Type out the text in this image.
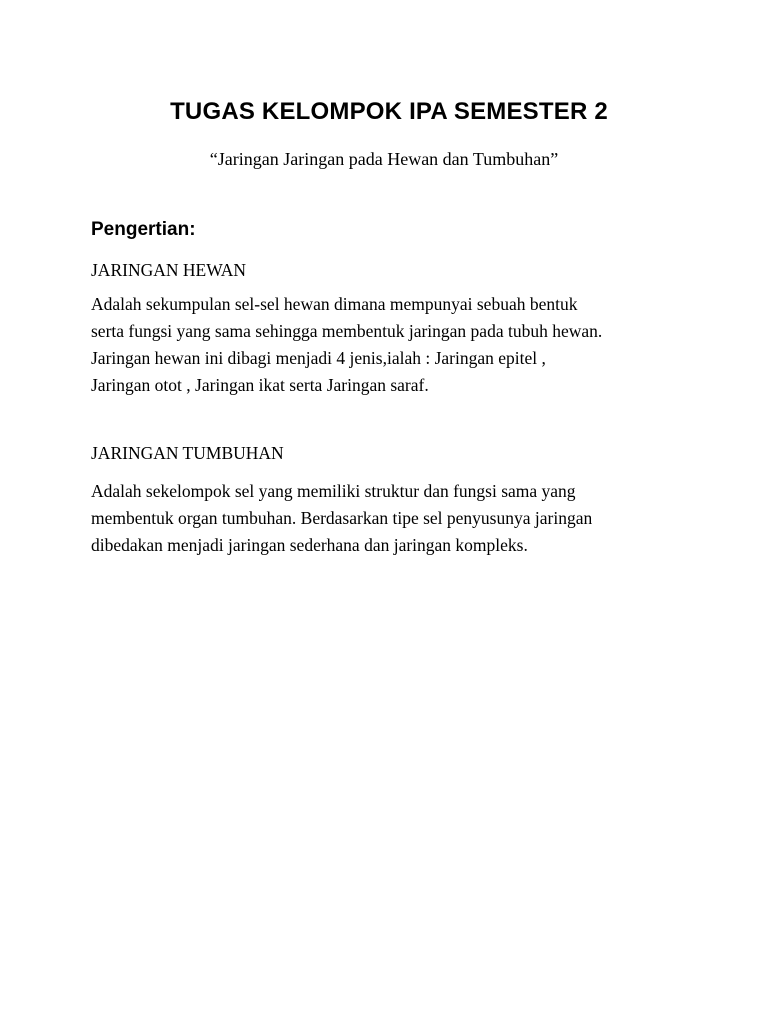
TUGAS KELOMPOK IPA SEMESTER 2
“Jaringan Jaringan pada Hewan dan Tumbuhan”
Pengertian:
JARINGAN HEWAN

Adalah sekumpulan sel-sel hewan dimana mempunyai sebuah bentuk
serta fungsi yang sama sehingga membentuk jaringan pada tubuh hewan.
Jaringan hewan ini dibagi menjadi 4 jenis,ialah : Jaringan epitel ,
Jaringan otot , Jaringan ikat serta Jaringan saraf.

JARINGAN TUMBUHAN

Adalah sekelompok sel yang memiliki struktur dan fungsi sama yang
membentuk organ tumbuhan. Berdasarkan tipe sel penyusunya jaringan
dibedakan menjadi jaringan sederhana dan jaringan kompleks.
